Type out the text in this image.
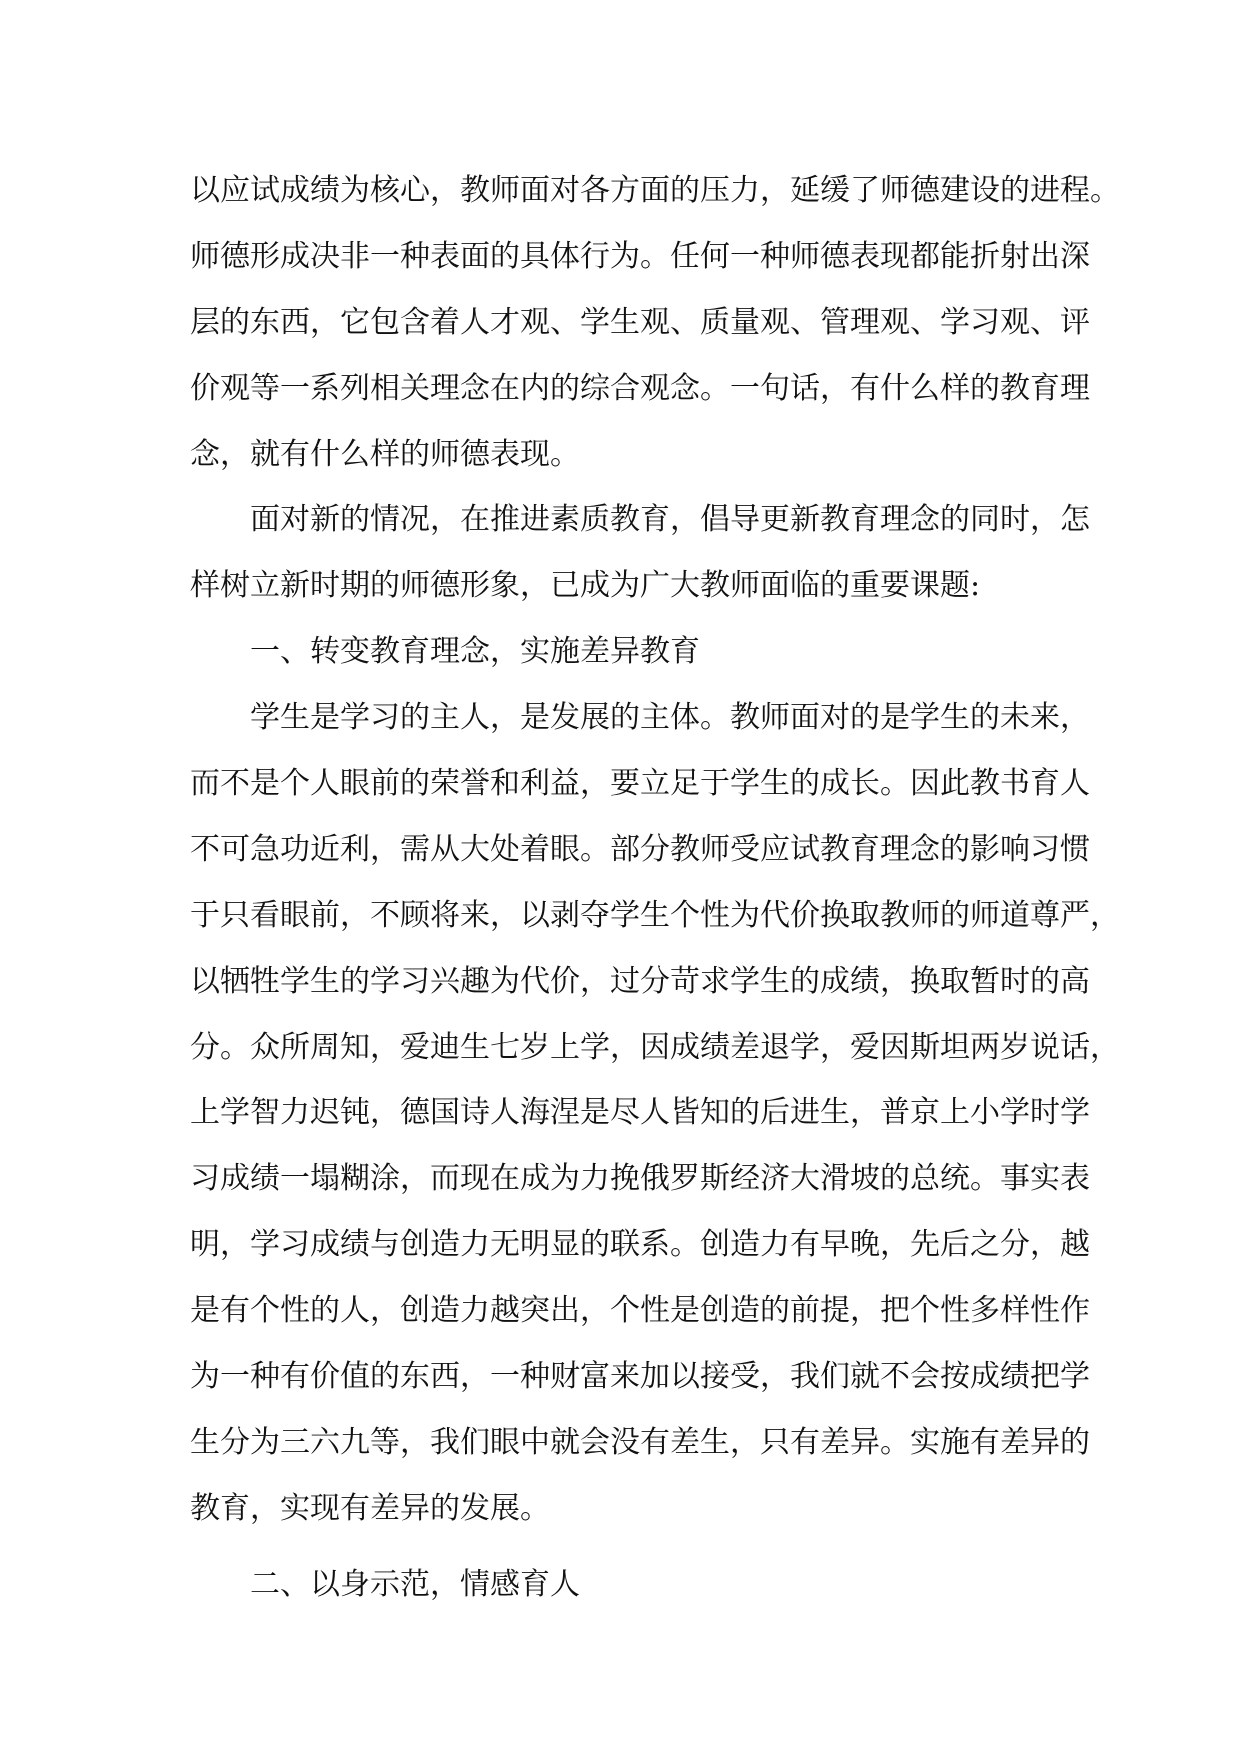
以应试成绩为核心，教师面对各方面的压力，延缓了师德建设的进程。
师德形成决非一种表面的具体行为。任何一种师德表现都能折射出深
层的东西，它包含着人才观、学生观、质量观、管理观、学习观、评
价观等一系列相关理念在内的综合观念。一句话，有什么样的教育理
念，就有什么样的师德表现。
面对新的情况，在推进素质教育，倡导更新教育理念的同时，怎
样树立新时期的师德形象，已成为广大教师面临的重要课题:
一、转变教育理念，实施差异教育
学生是学习的主人，是发展的主体。教师面对的是学生的未来，
而不是个人眼前的荣誉和利益，要立足于学生的成长。因此教书育人
不可急功近利，需从大处着眼。部分教师受应试教育理念的影响习惯
于只看眼前，不顾将来，以剥夺学生个性为代价换取教师的师道尊严，
以牺牲学生的学习兴趣为代价，过分苛求学生的成绩，换取暂时的高
分。众所周知，爱迪生七岁上学，因成绩差退学，爱因斯坦两岁说话，
上学智力迟钝，德国诗人海涅是尽人皆知的后进生，普京上小学时学
习成绩一塌糊涂，而现在成为力挽俄罗斯经济大滑坡的总统。事实表
明，学习成绩与创造力无明显的联系。创造力有早晚，先后之分，越
是有个性的人，创造力越突出，个性是创造的前提，把个性多样性作
为一种有价值的东西，一种财富来加以接受，我们就不会按成绩把学
生分为三六九等，我们眼中就会没有差生，只有差异。实施有差异的
教育，实现有差异的发展。
二、以身示范，情感育人
